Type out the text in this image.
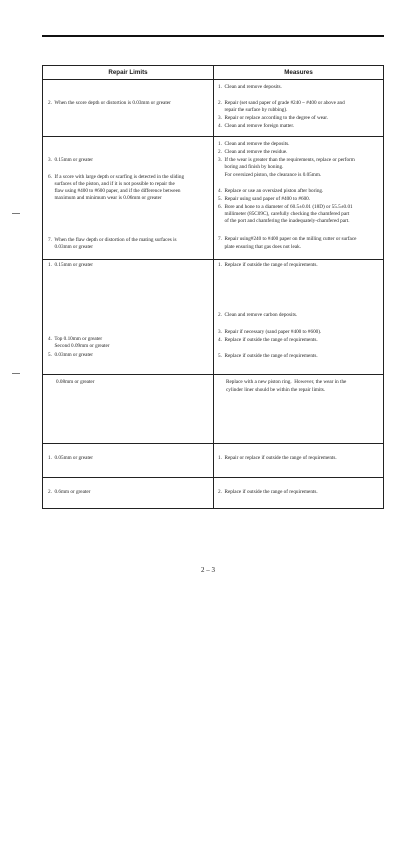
Repair Limits	Measures
2.  When the score depth or distortion is 0.03mm or greater
3.  0.15mm or greater
6.  If a score with large depth or scarfing is detected in the sliding
surfaces of the piston, and if it is not possible to repair the
flaw using #400 to #600 paper, and if the difference between
maximum and minimum wear is 0.06mm or greater
7.  When the flaw depth or distortion of the mating surfaces is
0.03mm or greater
1.  0.15mm or greater
4.  Top 0.10mm or greater
Second 0.09mm or greater
5.  0.03mm or greater
0.08mm or greater
1.  0.05mm or greater
2.  0.6mm or greater
1.  Clean and remove deposits.
2.  Repair (set sand paper of grade #240 ~ #400 or above and
repair the surface by rubbing).
3.  Repair or replace according to the degree of wear.
4.  Clean and remove foreign matter.
1.  Clean and remove the deposits.
2.  Clean and remove the residue.
3.  If the wear is greater than the requirements, replace or perform
boring and finish by honing.
For oversized piston, the clearance is 0.05mm.
4.  Replace or use an oversized piston after boring.
5.  Repair using sand paper of #400 to #600.
6.  Bore and hone to a diameter of 60.5±0.01 (18D) or 55.5±0.01
millimeter (85C09C), carefully checking the chamfered part
of the port and chamfering the inadequately-chamfered part.
7.  Repair using#240 to #400 paper on the milling cutter or surface
plate ensuring that gas does not leak.
1.  Replace if outside the range of requirements.
2.  Clean and remove carbon deposits.
3.  Repair if necessary (sand paper #400 to #600).
4.  Replace if outside the range of requirements.
5.  Replace if outside the range of requirements.
Replace with a new piston ring.  However, the wear in the
cylinder liner should be within the repair limits.
1.  Repair or replace if outside the range of requirements.
2.  Replace if outside the range of requirements.
2 – 3
